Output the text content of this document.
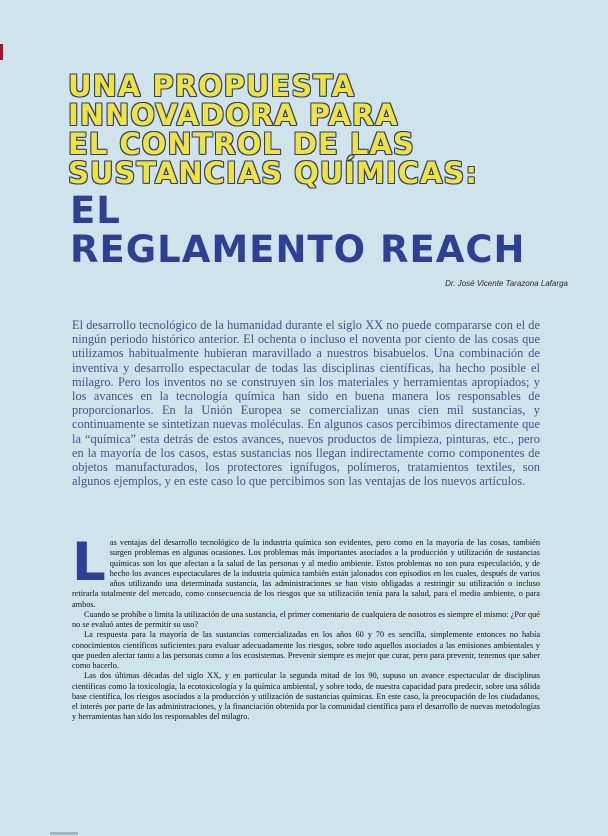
UNA PROPUESTA
INNOVADORA PARA
EL CONTROL DE LAS
SUSTANCIAS QUÍMICAS:
EL
REGLAMENTO REACH
Dr. José Vicente Tarazona Lafarga
El desarrollo tecnológico de la humanidad durante el siglo XX no puede compararse con el de ningún periodo histórico anterior. El ochenta o incluso el noventa por ciento de las cosas que utilizamos habitualmente hubieran maravillado a nuestros bisabuelos. Una combinación de inventiva y desarrollo espectacular de todas las disciplinas científicas, ha hecho posible el milagro. Pero los inventos no se construyen sin los materiales y herramientas apropiados; y los avances en la tecnología química han sido en buena manera los responsables de proporcionarlos. En la Unión Europea se comercializan unas cien mil sustancias, y continuamente se sintetizan nuevas moléculas. En algunos casos percibimos directamente que la “química” esta detrás de estos avances, nuevos productos de limpieza, pinturas, etc., pero en la mayoría de los casos, estas sustancias nos llegan indirectamente como componentes de objetos manufacturados, los protectores ignífugos, polímeros, tratamientos textiles, son algunos ejemplos, y en este caso lo que percibimos son las ventajas de los nuevos artículos.

Las ventajas del desarrollo tecnológico de la industria química son evidentes, pero como en la mayoría de las cosas, también surgen problemas en algunas ocasiones. Los problemas más importantes asociados a la producción y utilización de sustancias químicas son los que afectan a la salud de las personas y al medio ambiente. Estos problemas no son pura especulación, y de hecho los avances espectaculares de la industria química también están jalonados con episodios en los cuales, después de varios años utilizando una determinada sustancia, las administraciones se han visto obligadas a restringir su utilización o incluso retirarla totalmente del mercado, como consecuencia de los riesgos que su utilización tenía para la salud, para el medio ambiente, o para ambos.

Cuando se prohíbe o limita la utilización de una sustancia, el primer comentario de cualquiera de nosotros es siempre el mismo: ¿Por qué no se evaluó antes de permitir su uso?

La respuesta para la mayoría de las sustancias comercializadas en los años 60 y 70 es sencilla, simplemente entonces no había conocimientos científicos suficientes para evaluar adecuadamente los riesgos, sobre todo aquellos asociados a las emisiones ambientales y que pueden afectar tanto a las personas como a los ecosistemas. Prevenir siempre es mejor que curar, pero para prevenir, tenemos que saber como hacerlo.

Las dos últimas décadas del siglo XX, y en particular la segunda mitad de los 90, supuso un avance espectacular de disciplinas científicas como la toxicología, la ecotoxicología y la química ambiental, y sobre todo, de nuestra capacidad para predecir, sobre una sólida base científica, los riesgos asociados a la producción y utilización de sustancias químicas. En este caso, la preocupación de los ciudadanos, el interés por parte de las administraciones, y la financiación obtenida por la comunidad científica para el desarrollo de nuevas metodologías y herramientas han sido los responsables del milagro.
